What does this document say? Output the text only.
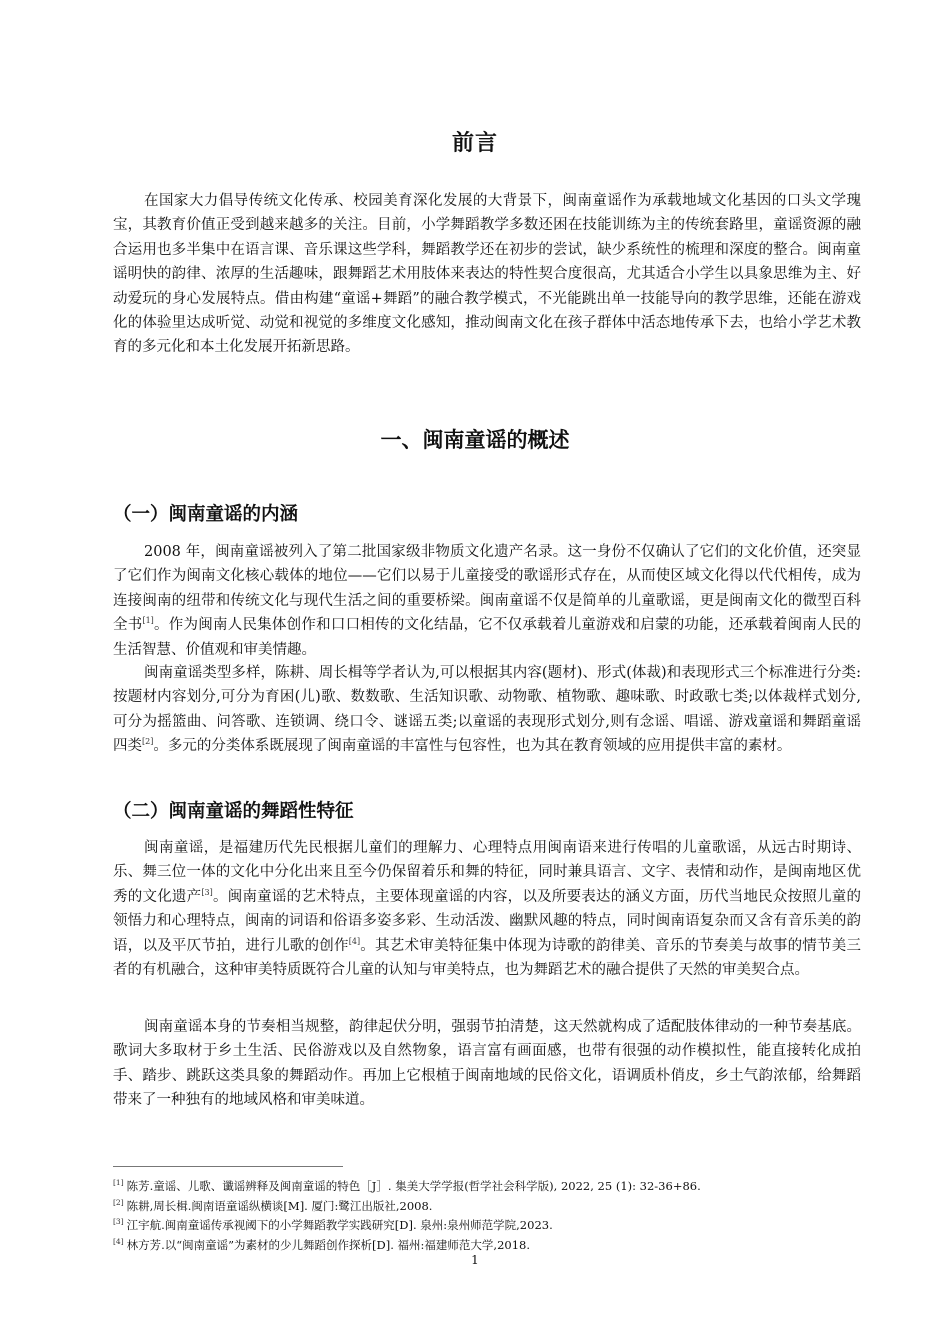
前言

在国家大力倡导传统文化传承、校园美育深化发展的大背景下，闽南童谣作为承载地域文化基因的口头文学瑰宝，其教育价值正受到越来越多的关注。目前，小学舞蹈教学多数还困在技能训练为主的传统套路里，童谣资源的融合运用也多半集中在语言课、音乐课这些学科，舞蹈教学还在初步的尝试，缺少系统性的梳理和深度的整合。闽南童谣明快的韵律、浓厚的生活趣味，跟舞蹈艺术用肢体来表达的特性契合度很高，尤其适合小学生以具象思维为主、好动爱玩的身心发展特点。借由构建“童谣+舞蹈”的融合教学模式，不光能跳出单一技能导向的教学思维，还能在游戏化的体验里达成听觉、动觉和视觉的多维度文化感知，推动闽南文化在孩子群体中活态地传承下去，也给小学艺术教育的多元化和本土化发展开拓新思路。

一、闽南童谣的概述
（一）闽南童谣的内涵

2008 年，闽南童谣被列入了第二批国家级非物质文化遗产名录。这一身份不仅确认了它们的文化价值，还突显了它们作为闽南文化核心载体的地位——它们以易于儿童接受的歌谣形式存在，从而使区域文化得以代代相传，成为连接闽南的纽带和传统文化与现代生活之间的重要桥梁。闽南童谣不仅是简单的儿童歌谣，更是闽南文化的微型百科全书[1]。作为闽南人民集体创作和口口相传的文化结晶，它不仅承载着儿童游戏和启蒙的功能，还承载着闽南人民的生活智慧、价值观和审美情趣。

闽南童谣类型多样，陈耕、周长楫等学者认为,可以根据其内容(题材)、形式(体裁)和表现形式三个标准进行分类:按题材内容划分,可分为育困(儿)歌、数数歌、生活知识歌、动物歌、植物歌、趣味歌、时政歌七类;以体裁样式划分,可分为摇篮曲、问答歌、连锁调、绕口令、谜谣五类;以童谣的表现形式划分,则有念谣、唱谣、游戏童谣和舞蹈童谣四类[2]。多元的分类体系既展现了闽南童谣的丰富性与包容性，也为其在教育领域的应用提供丰富的素材。

（二）闽南童谣的舞蹈性特征

闽南童谣，是福建历代先民根据儿童们的理解力、心理特点用闽南语来进行传唱的儿童歌谣，从远古时期诗、乐、舞三位一体的文化中分化出来且至今仍保留着乐和舞的特征，同时兼具语言、文字、表情和动作，是闽南地区优秀的文化遗产[3]。闽南童谣的艺术特点，主要体现童谣的内容，以及所要表达的涵义方面，历代当地民众按照儿童的领悟力和心理特点，闽南的词语和俗语多姿多彩、生动活泼、幽默风趣的特点，同时闽南语复杂而又含有音乐美的韵语，以及平仄节拍，进行儿歌的创作[4]。其艺术审美特征集中体现为诗歌的韵律美、音乐的节奏美与故事的情节美三者的有机融合，这种审美特质既符合儿童的认知与审美特点，也为舞蹈艺术的融合提供了天然的审美契合点。

闽南童谣本身的节奏相当规整，韵律起伏分明，强弱节拍清楚，这天然就构成了适配肢体律动的一种节奏基底。歌词大多取材于乡土生活、民俗游戏以及自然物象，语言富有画面感，也带有很强的动作模拟性，能直接转化成拍手、踏步、跳跃这类具象的舞蹈动作。再加上它根植于闽南地域的民俗文化，语调质朴俏皮，乡土气韵浓郁，给舞蹈带来了一种独有的地域风格和审美味道。

[1] 陈芳.童谣、儿歌、谶谣辨释及闽南童谣的特色［J］. 集美大学学报(哲学社会科学版), 2022, 25 (1): 32-36+86.
[2] 陈耕,周长楫.闽南语童谣纵横谈[M]. 厦门:鹭江出版社,2008.
[3] 江宇航.闽南童谣传承视阈下的小学舞蹈教学实践研究[D]. 泉州:泉州师范学院,2023.
[4] 林方芳.以“闽南童谣”为素材的少儿舞蹈创作探析[D]. 福州:福建师范大学,2018.
1
